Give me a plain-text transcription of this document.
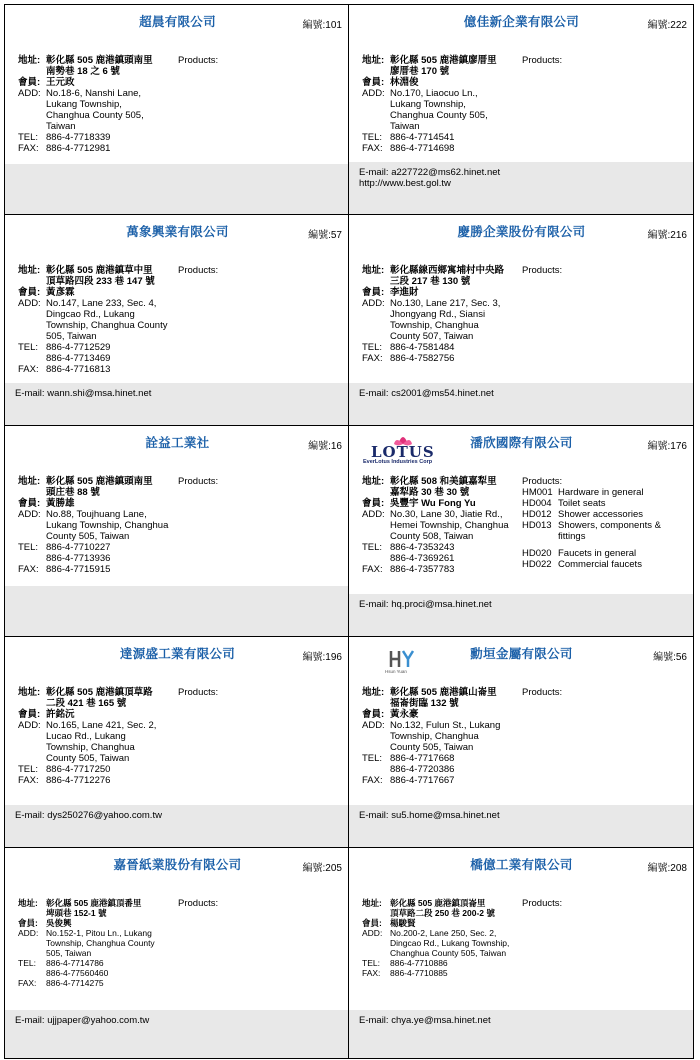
超晨有限公司	編號:101
地址: 彰化縣 505 鹿港鎮頭南里
南勢巷 18 之 6 號
會員: 王元政
ADD: No.18-6, Nanshi Lane,
Lukang Township,
Changhua County 505,
Taiwan
TEL: 886-4-7718339
FAX: 886-4-7712981
Products:
億佳新企業有限公司	編號:222
地址: 彰化縣 505 鹿港鎮廖厝里
廖厝巷 170 號
會員: 林淵俊
ADD: No.170, Liaocuo Ln.,
Lukang Township,
Changhua County 505,
Taiwan
TEL: 886-4-7714541
FAX: 886-4-7714698
Products:
E-mail: a227722@ms62.hinet.net
http://www.best.gol.tw
萬象興業有限公司	編號:57
地址: 彰化縣 505 鹿港鎮草中里
頂草路四段 233 巷 147 號
會員: 黃彥霖
ADD: No.147, Lane 233, Sec. 4,
Dingcao Rd., Lukang
Township, Changhua County
505, Taiwan
TEL: 886-4-7712529
886-4-7713469
FAX: 886-4-7716813
Products:
E-mail: wann.shi@msa.hinet.net
慶勝企業股份有限公司	編號:216
地址: 彰化縣線西鄉寓埔村中央路
三段 217 巷 130 號
會員: 李進財
ADD: No.130, Lane 217, Sec. 3,
Jhongyang Rd., Siansi
Township, Changhua
County 507, Taiwan
TEL: 886-4-7581484
FAX: 886-4-7582756
Products:
E-mail: cs2001@ms54.hinet.net
詮益工業社	編號:16
地址: 彰化縣 505 鹿港鎮頭南里
頭庄巷 88 號
會員: 黃勝雄
ADD: No.88, Toujhuang Lane,
Lukang Township, Changhua
County 505, Taiwan
TEL: 886-4-7710227
886-4-7713936
FAX: 886-4-7715915
Products:
潘欣國際有限公司	編號:176
LOTUS
EverLotus Industries Corp
地址: 彰化縣 508 和美鎮嘉犁里
嘉犁路 30 巷 30 號
會員: 吳豐宇 Wu Fong Yu
ADD: No.30, Lane 30, Jiatie Rd.,
Hemei Township, Changhua
County 508, Taiwan
TEL: 886-4-7353243
886-4-7369261
FAX: 886-4-7357783
Products:
HM001 Hardware in general
HD004 Toilet seats
HD012 Shower accessories
HD013 Showers, components &
fittings
HD020 Faucets in general
HD022 Commercial faucets
E-mail: hq.proci@msa.hinet.net
達源盛工業有限公司	編號:196
地址: 彰化縣 505 鹿港鎮頂草路
二段 421 巷 165 號
會員: 許銘沅
ADD: No.165, Lane 421, Sec. 2,
Lucao Rd., Lukang
Township, Changhua
County 505, Taiwan
TEL: 886-4-7717250
FAX: 886-4-7712276
Products:
E-mail: dys250276@yahoo.com.tw
勳垣金屬有限公司	編號:56
Hsun Yuan
地址: 彰化縣 505 鹿港鎮山崙里
福崙街臨 132 號
會員: 黃永豪
ADD: No.132, Fulun St., Lukang
Township, Changhua
County 505, Taiwan
TEL: 886-4-7717668
886-4-7720386
FAX: 886-4-7717667
Products:
E-mail: su5.home@msa.hinet.net
嘉晉紙業股份有限公司	編號:205
地址: 彰化縣 505 鹿港鎮頂番里
埤頭巷 152-1 號
會員: 吳俊興
ADD: No.152-1, Pitou Ln., Lukang
Township, Changhua County
505, Taiwan
TEL:	886-4-7714786
886-4-77560460
FAX:	886-4-7714275
Products:
E-mail: ujjpaper@yahoo.com.tw
橋億工業有限公司	編號:208
地址: 彰化縣 505 鹿港鎮頂崙里
頂草路二段 250 巷 200-2 號
會員: 楊駿賢
ADD: No.200-2, Lane 250, Sec. 2,
Dingcao Rd., Lukang Township,
Changhua County 505, Taiwan
TEL:	886-4-7710886
FAX:	886-4-7710885
Products:
E-mail: chya.ye@msa.hinet.net
